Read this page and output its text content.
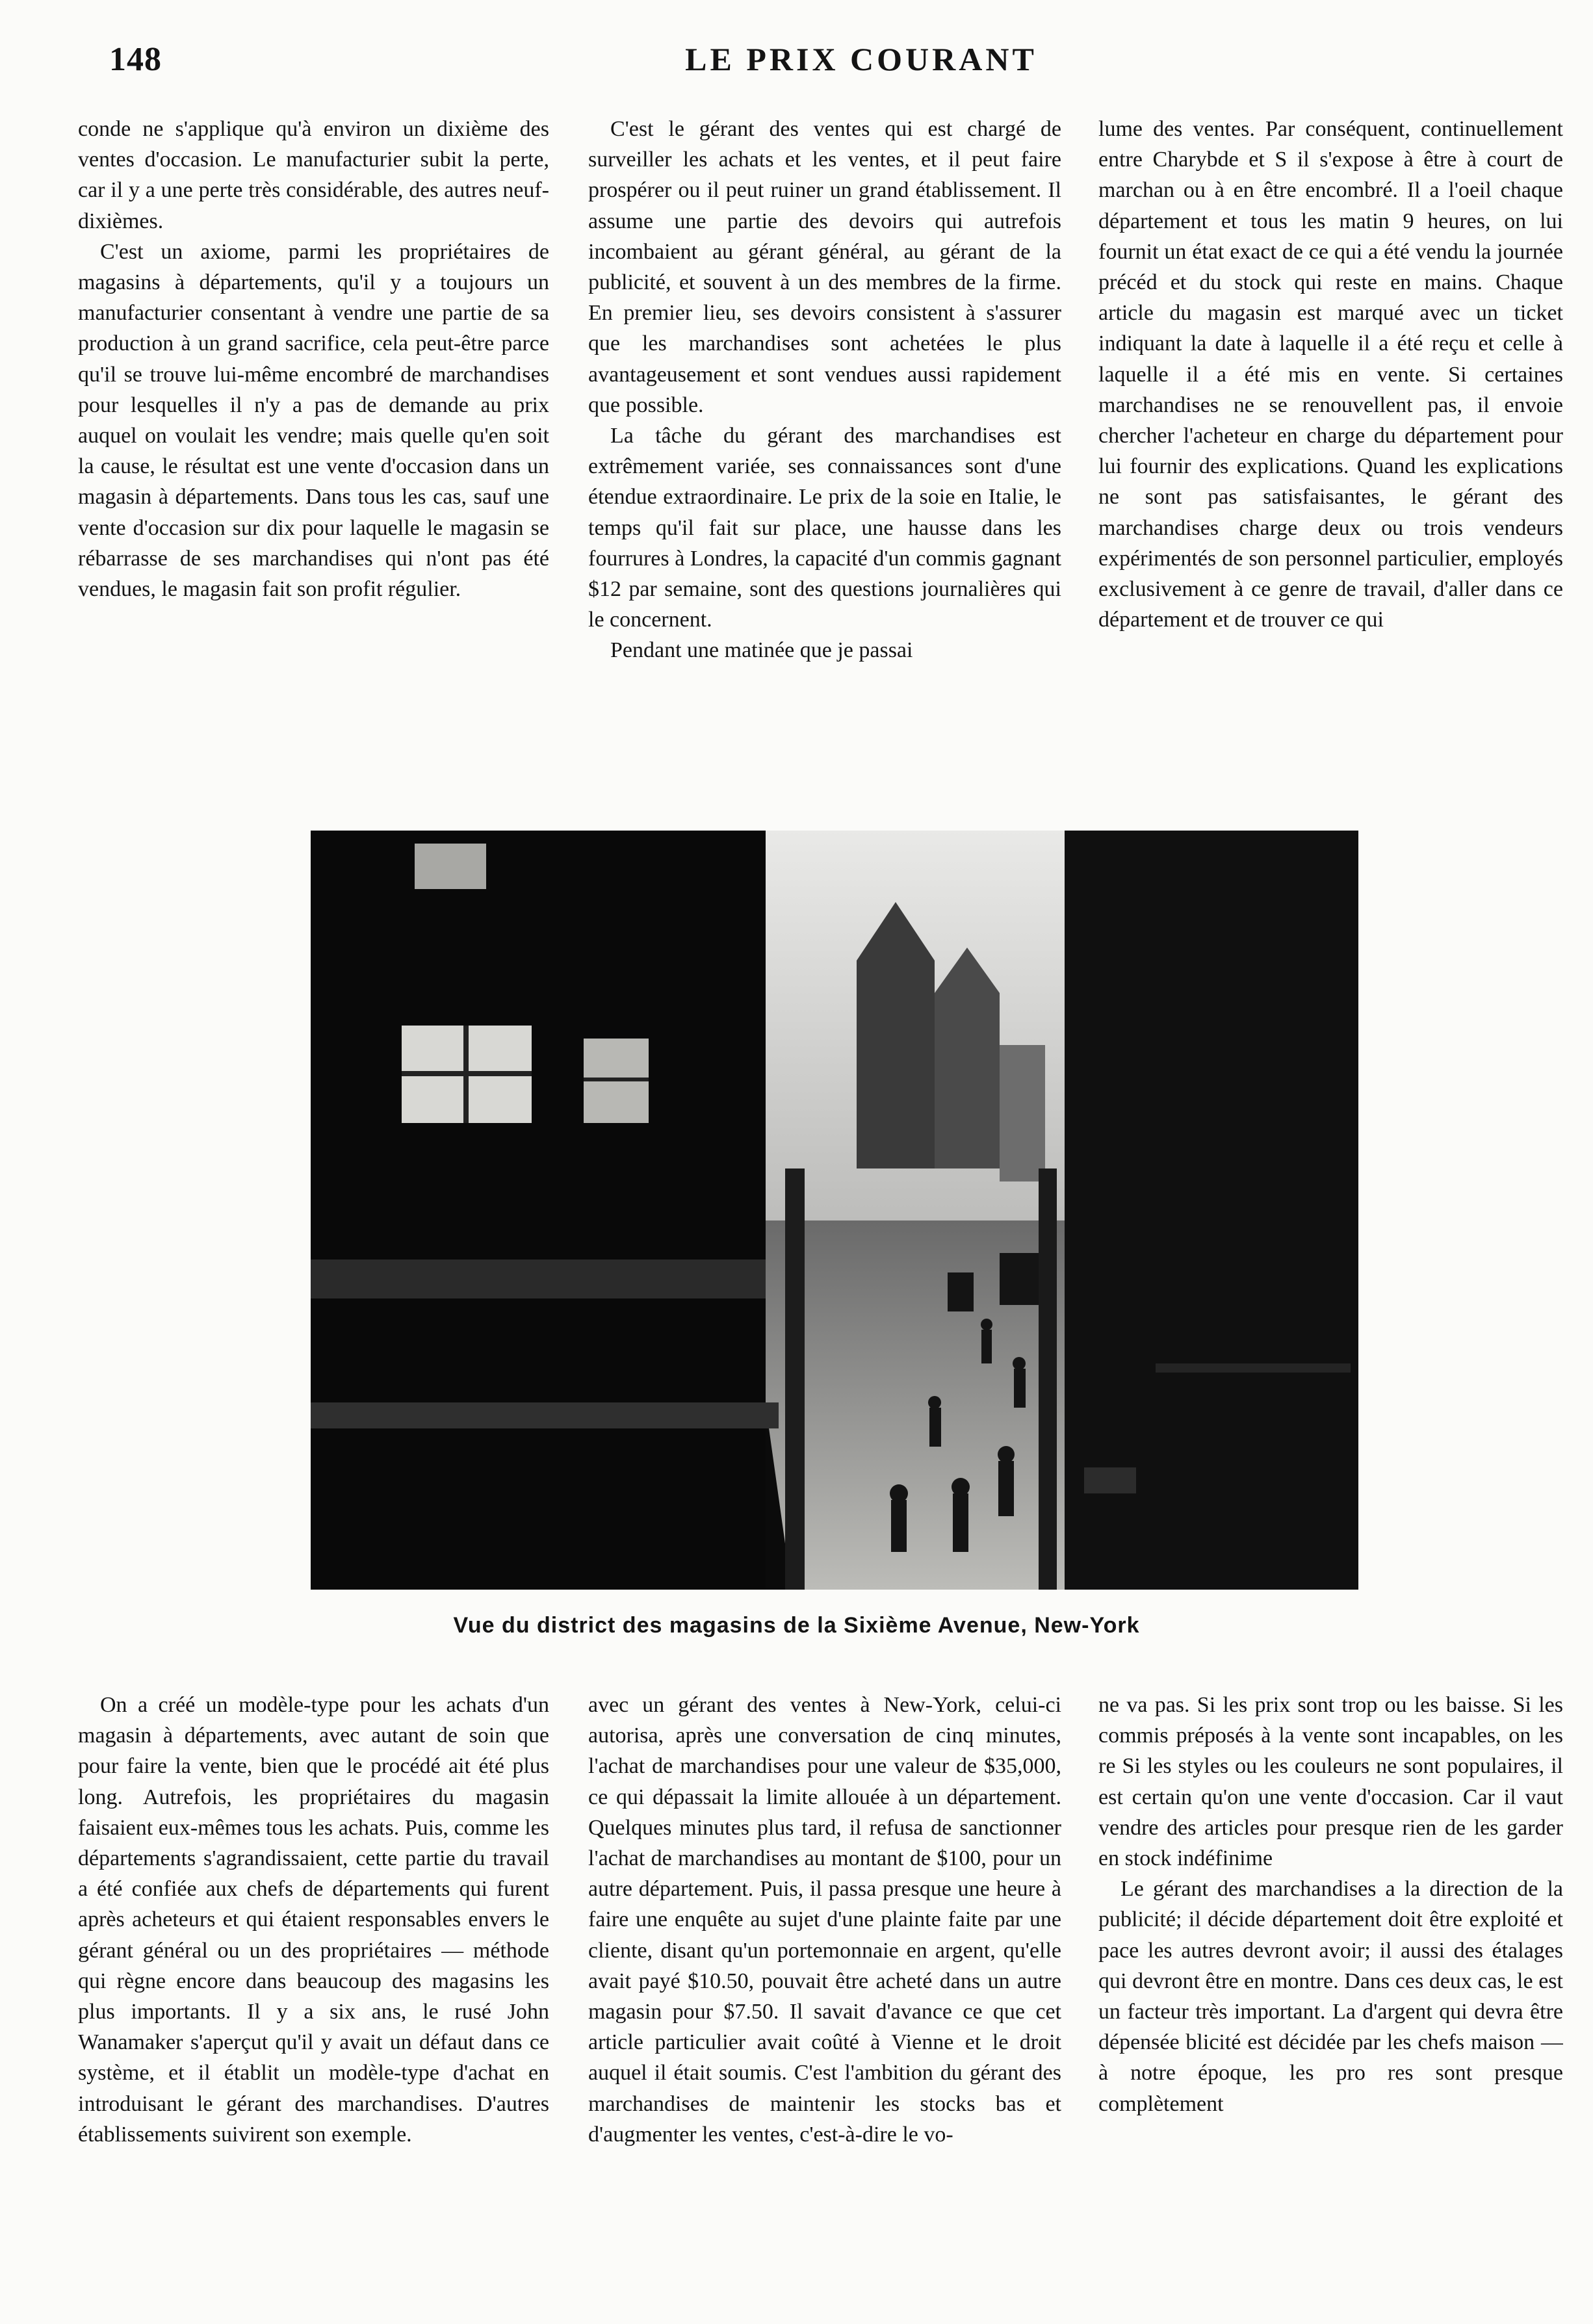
148	LE PRIX COURANT

conde ne s'applique qu'à environ un dixième des ventes d'occasion. Le manufacturier subit la perte, car il y a une perte très considérable, des autres neuf-dixièmes.

C'est un axiome, parmi les propriétaires de magasins à départements, qu'il y a toujours un manufacturier consentant à vendre une partie de sa production à un grand sacrifice, cela peut-être parce qu'il se trouve lui-même encombré de marchandises pour lesquelles il n'y a pas de demande au prix auquel on voulait les vendre; mais quelle qu'en soit la cause, le résultat est une vente d'occasion dans un magasin à départements. Dans tous les cas, sauf une vente d'occasion sur dix pour laquelle le magasin se rébarrasse de ses marchandises qui n'ont pas été vendues, le magasin fait son profit régulier.

C'est le gérant des ventes qui est chargé de surveiller les achats et les ventes, et il peut faire prospérer ou il peut ruiner un grand établissement. Il assume une partie des devoirs qui autrefois incombaient au gérant général, au gérant de la publicité, et souvent à un des membres de la firme. En premier lieu, ses devoirs consistent à s'assurer que les marchandises sont achetées le plus avantageusement et sont vendues aussi rapidement que possible.

La tâche du gérant des marchandises est extrêmement variée, ses connaissances sont d'une étendue extraordinaire. Le prix de la soie en Italie, le temps qu'il fait sur place, une hausse dans les fourrures à Londres, la capacité d'un commis gagnant $12 par semaine, sont des questions journalières qui le concernent.

Pendant une matinée que je passai

lume des ventes. Par conséquent, continuellement entre Charybde et S il s'expose à être à court de marchan ou à en être encombré. Il a l'oeil chaque département et tous les matin 9 heures, on lui fournit un état exact de ce qui a été vendu la journée précéd et du stock qui reste en mains. Chaque article du magasin est marqué avec un ticket indiquant la date à laquelle il a été reçu et celle à laquelle il a été mis en vente. Si certaines marchandises ne se renouvellent pas, il envoie chercher l'acheteur en charge du département pour lui fournir des explications. Quand les explications ne sont pas satisfaisantes, le gérant des marchandises charge deux ou trois vendeurs expérimentés de son personnel particulier, employés exclusivement à ce genre de travail, d'aller dans ce département et de trouver ce qui

Vue du district des magasins de la Sixième Avenue, New-York

On a créé un modèle-type pour les achats d'un magasin à départements, avec autant de soin que pour faire la vente, bien que le procédé ait été plus long. Autrefois, les propriétaires du magasin faisaient eux-mêmes tous les achats. Puis, comme les départements s'agrandissaient, cette partie du travail a été confiée aux chefs de départements qui furent après acheteurs et qui étaient responsables envers le gérant général ou un des propriétaires — méthode qui règne encore dans beaucoup des magasins les plus importants. Il y a six ans, le rusé John Wanamaker s'aperçut qu'il y avait un défaut dans ce système, et il établit un modèle-type d'achat en introduisant le gérant des marchandises. D'autres établissements suivirent son exemple.

avec un gérant des ventes à New-York, celui-ci autorisa, après une conversation de cinq minutes, l'achat de marchandises pour une valeur de $35,000, ce qui dépassait la limite allouée à un département. Quelques minutes plus tard, il refusa de sanctionner l'achat de marchandises au montant de $100, pour un autre département. Puis, il passa presque une heure à faire une enquête au sujet d'une plainte faite par une cliente, disant qu'un portemonnaie en argent, qu'elle avait payé $10.50, pouvait être acheté dans un autre magasin pour $7.50. Il savait d'avance ce que cet article particulier avait coûté à Vienne et le droit auquel il était soumis. C'est l'ambition du gérant des marchandises de maintenir les stocks bas et d'augmenter les ventes, c'est-à-dire le vo-

ne va pas. Si les prix sont trop ou les baisse. Si les commis préposés à la vente sont incapables, on les re Si les styles ou les couleurs ne sont populaires, il est certain qu'on une vente d'occasion. Car il vaut vendre des articles pour presque rien de les garder en stock indéfinime

Le gérant des marchandises a la direction de la publicité; il décide département doit être exploité et pace les autres devront avoir; il aussi des étalages qui devront être en montre. Dans ces deux cas, le est un facteur très important. La d'argent qui devra être dépensée blicité est décidée par les chefs maison — à notre époque, les pro res sont presque complètement
